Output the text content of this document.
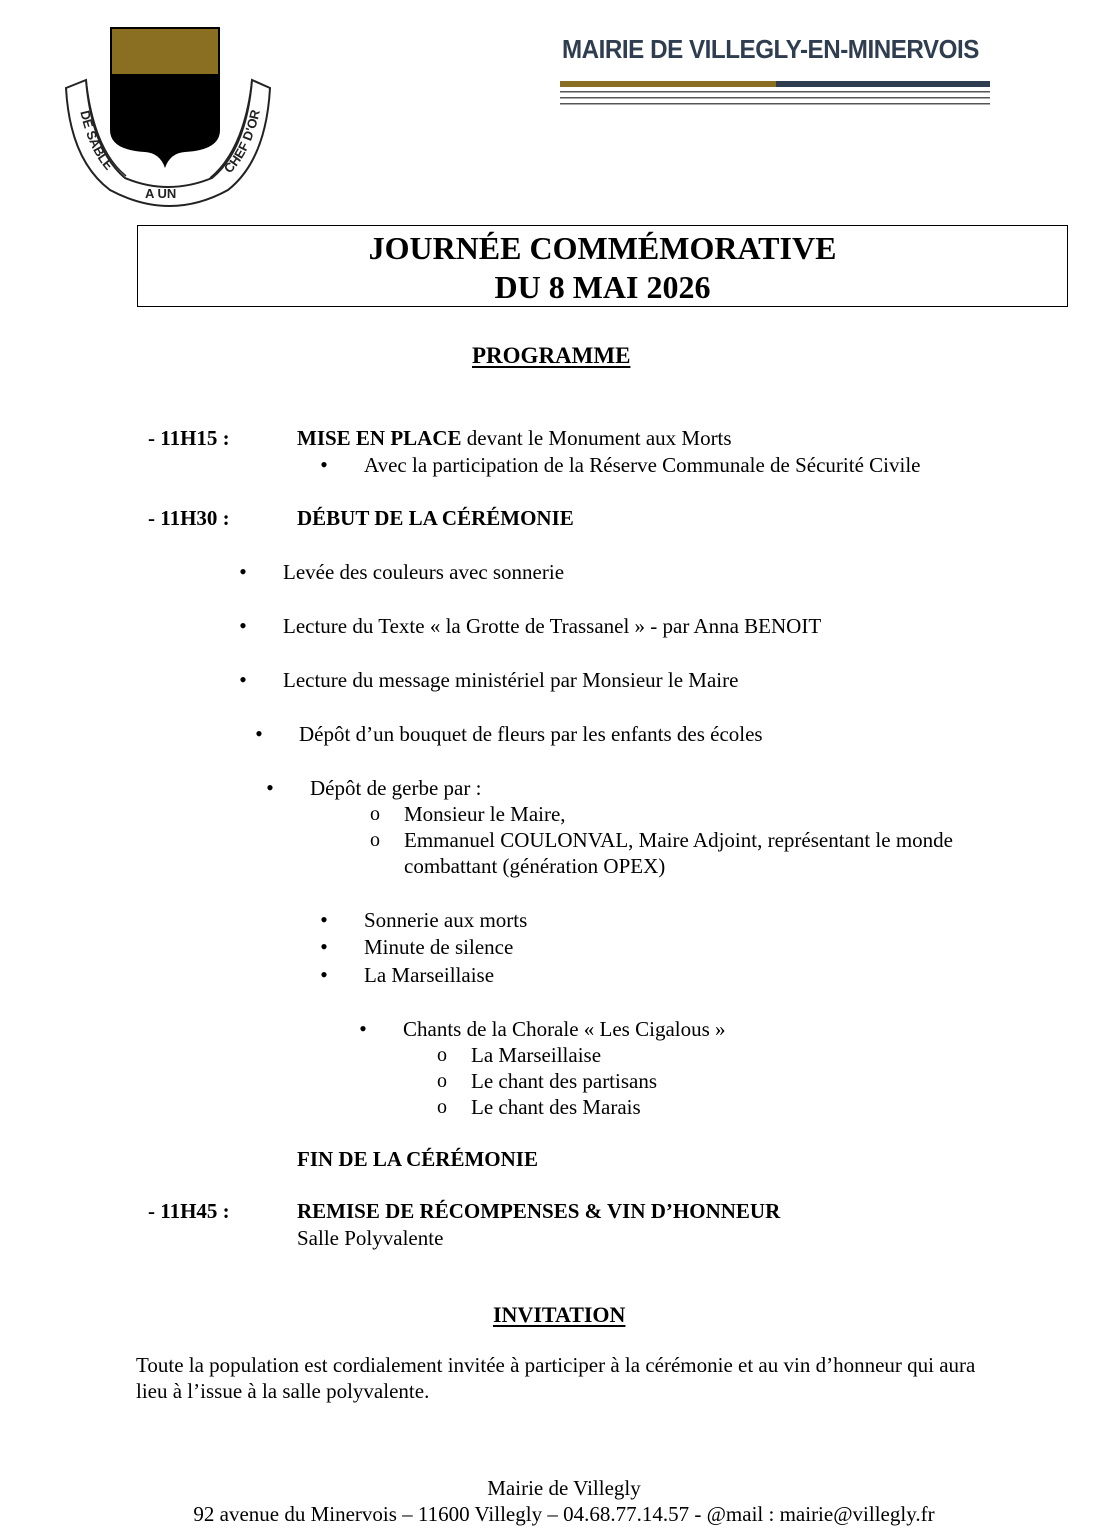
DE SABLE
A UN
CHEF D'OR
MAIRIE DE VILLEGLY-EN-MINERVOIS
JOURNÉE COMMÉMORATIVE
DU 8 MAI 2026
PROGRAMME
- 11H15 :	MISE EN PLACE devant le Monument aux Morts
• Avec la participation de la Réserve Communale de Sécurité Civile
- 11H30 :	DÉBUT DE LA CÉRÉMONIE
• Levée des couleurs avec sonnerie
• Lecture du Texte « la Grotte de Trassanel » - par Anna BENOIT
• Lecture du message ministériel par Monsieur le Maire
• Dépôt d’un bouquet de fleurs par les enfants des écoles
• Dépôt de gerbe par :
o Monsieur le Maire,
o Emmanuel COULONVAL, Maire Adjoint, représentant le monde
combattant (génération OPEX)
• Sonnerie aux morts
• Minute de silence
• La Marseillaise
• Chants de la Chorale « Les Cigalous »
o La Marseillaise
o Le chant des partisans
o Le chant des Marais
FIN DE LA CÉRÉMONIE
- 11H45 :	REMISE DE RÉCOMPENSES & VIN D’HONNEUR
Salle Polyvalente
INVITATION
Toute la population est cordialement invitée à participer à la cérémonie et au vin d’honneur qui aura
lieu à l’issue à la salle polyvalente.
Mairie de Villegly
92 avenue du Minervois – 11600 Villegly – 04.68.77.14.57 - @mail : mairie@villegly.fr
